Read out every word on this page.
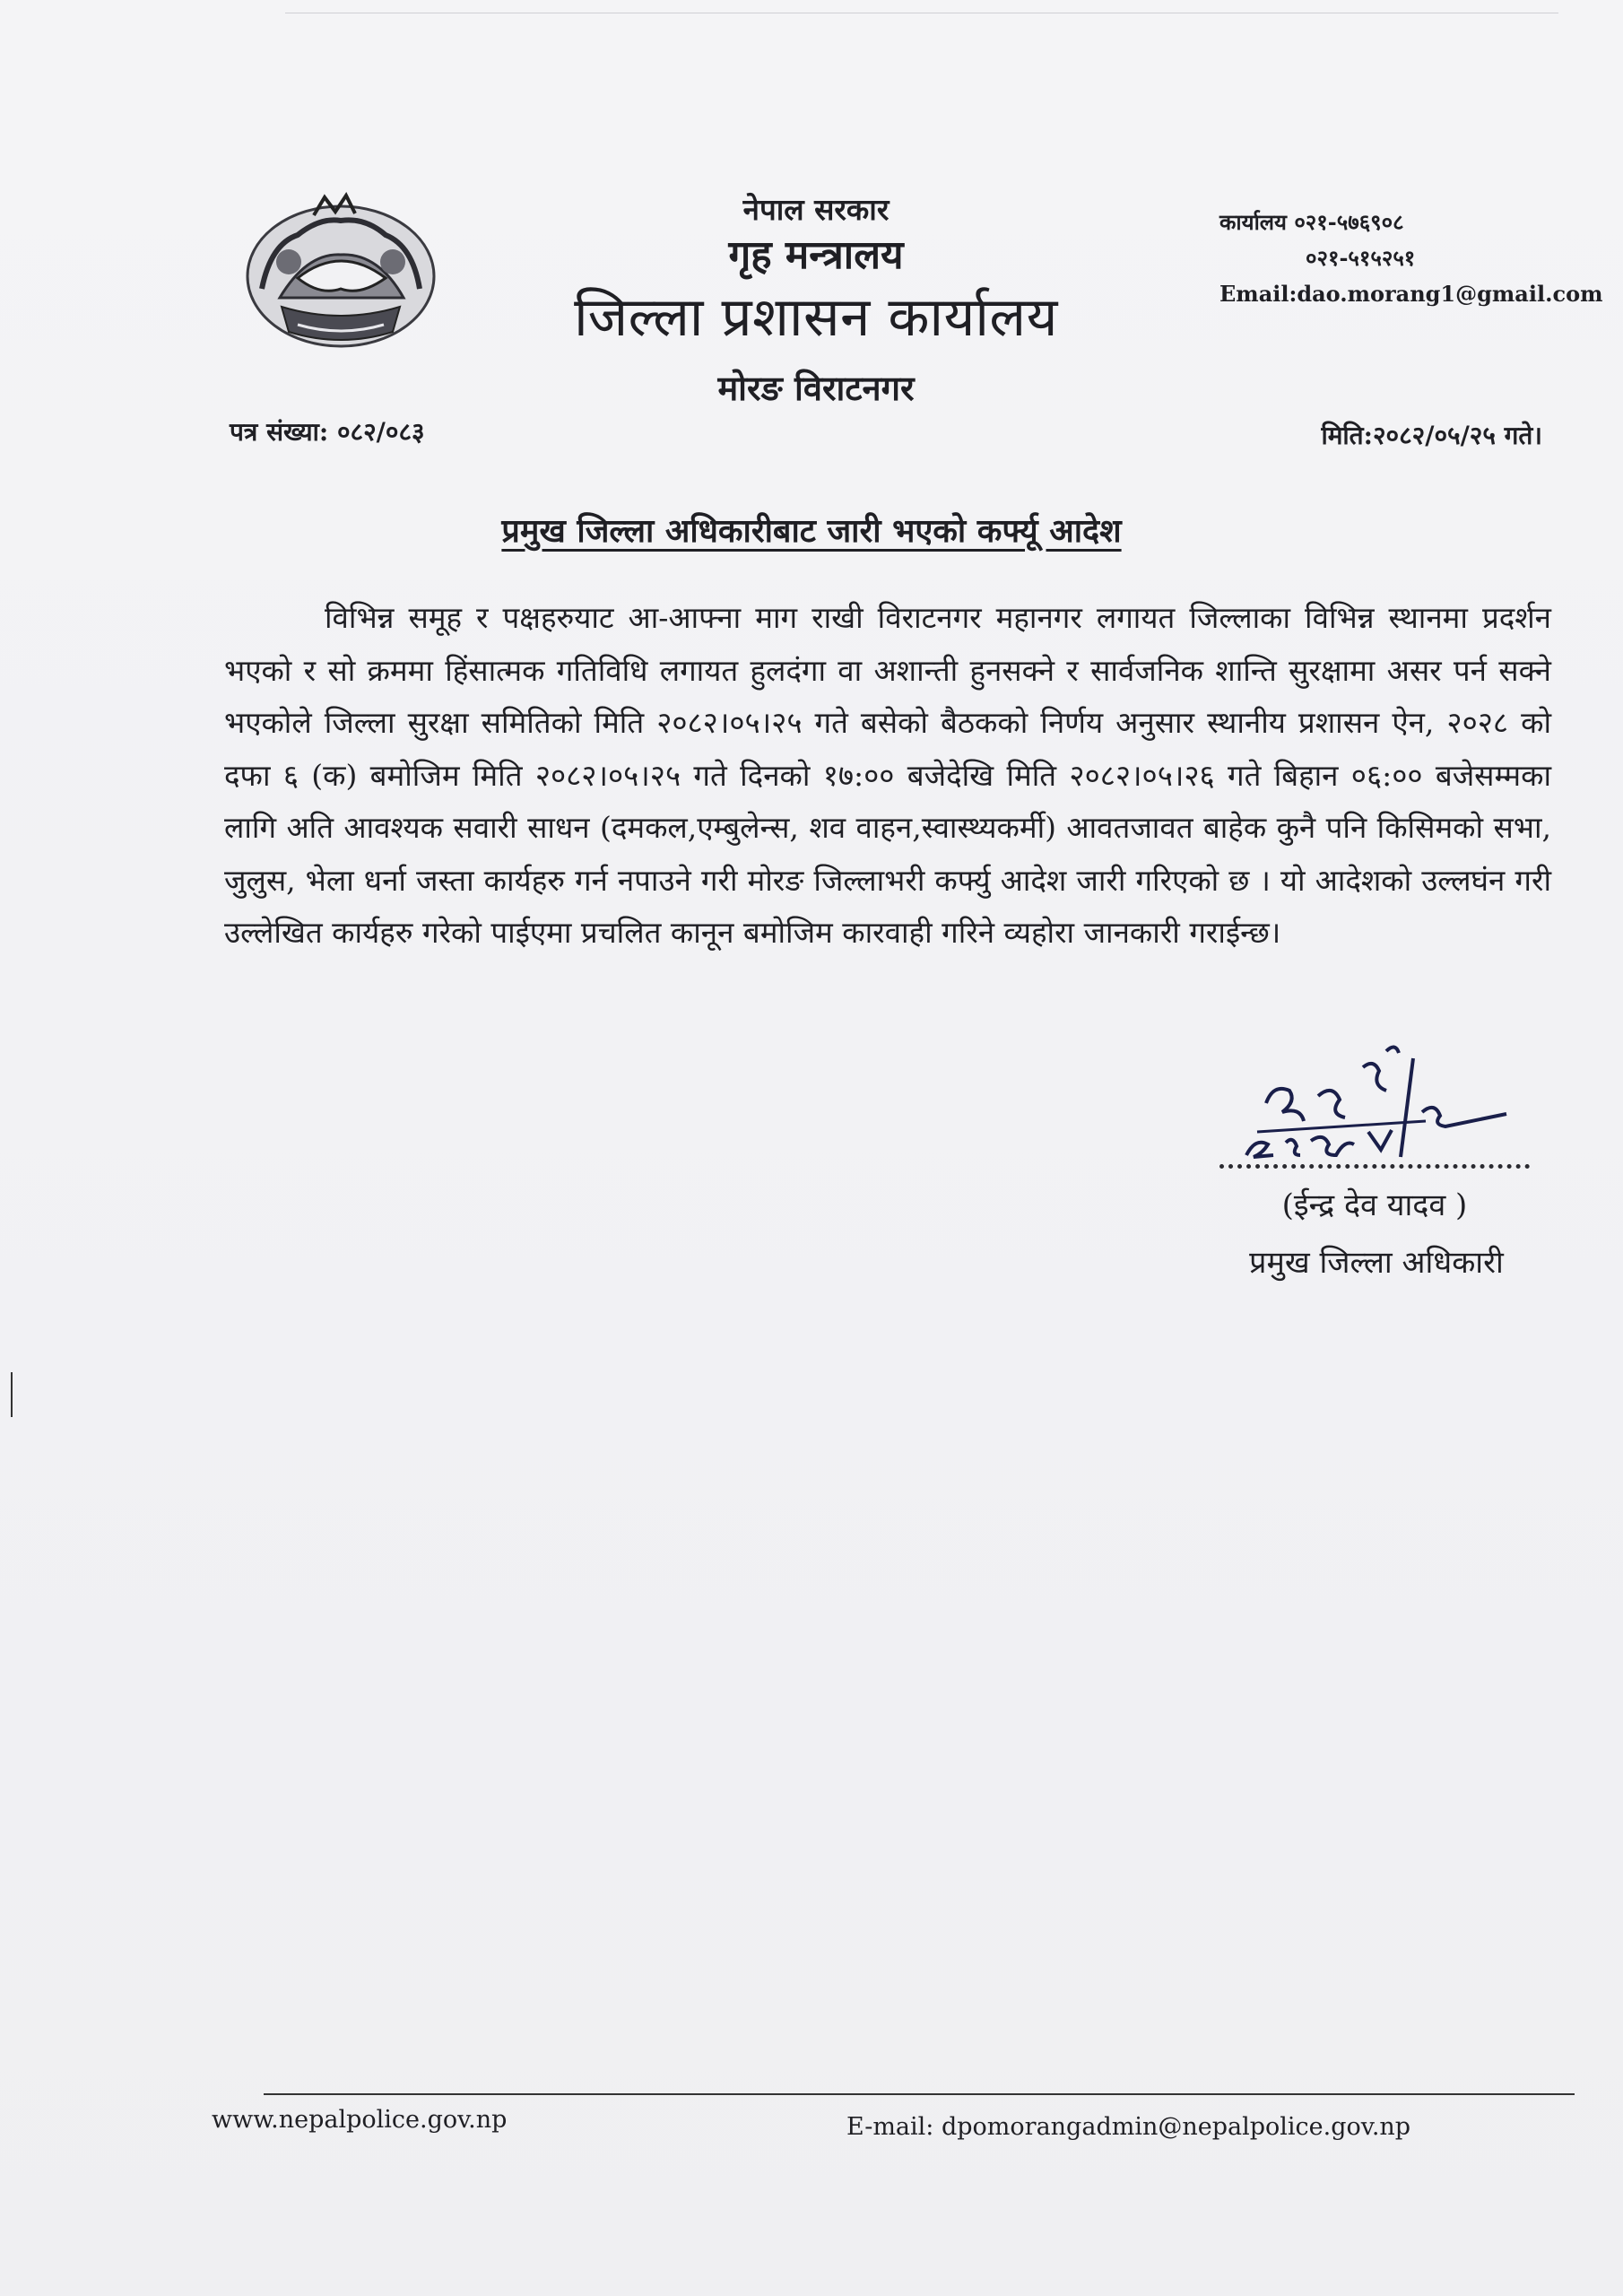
नेपाल सरकार

गृह मन्त्रालय

जिल्ला प्रशासन कार्यालय

मोरङ विराटनगर

कार्यालय ०२१-५७६९०८
०२१-५१५२५१
Email:dao.morang1@gmail.com
पत्र संख्या: ०८२/०८३	मिति:२०८२/०५/२५ गते।
प्रमुख जिल्ला अधिकारीबाट जारी भएको कर्फ्यू आदेश

विभिन्न समूह र पक्षहरुयाट आ-आफ्ना माग राखी विराटनगर महानगर लगायत जिल्लाका विभिन्न स्थानमा प्रदर्शन भएको र सो क्रममा हिंसात्मक गतिविधि लगायत हुलदंगा वा अशान्ती हुनसक्ने र सार्वजनिक शान्ति सुरक्षामा असर पर्न सक्ने भएकोले जिल्ला सुरक्षा समितिको मिति २०८२।०५।२५ गते बसेको बैठकको निर्णय अनुसार स्थानीय प्रशासन ऐन, २०२८ को दफा ६ (क) बमोजिम मिति २०८२।०५।२५ गते दिनको १७:०० बजेदेखि मिति २०८२।०५।२६ गते बिहान ०६:०० बजेसम्मका लागि अति आवश्यक सवारी साधन (दमकल,एम्बुलेन्स, शव वाहन,स्वास्थ्यकर्मी) आवतजावत बाहेक कुनै पनि किसिमको सभा, जुलुस, भेला धर्ना जस्ता कार्यहरु गर्न नपाउने गरी मोरङ जिल्लाभरी कर्फ्यु आदेश जारी गरिएको छ । यो आदेशको उल्लघंन गरी उल्लेखित कार्यहरु गरेको पाईएमा प्रचलित कानून बमोजिम कारवाही गरिने व्यहोरा जानकारी गराईन्छ।

(ईन्द्र देव यादव )
प्रमुख जिल्ला अधिकारी
www.nepalpolice.gov.np	E-mail: dpomorangadmin@nepalpolice.gov.np
